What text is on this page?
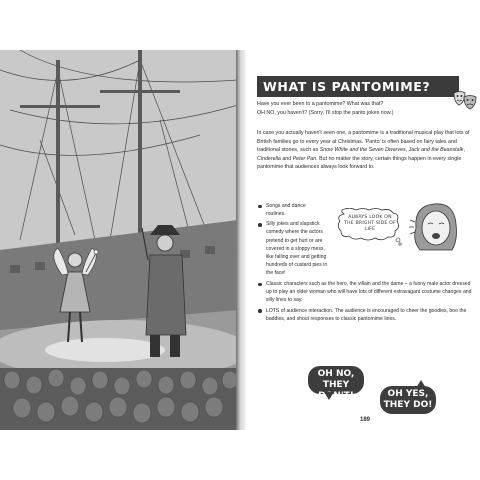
WHAT IS PANTOMIME?
Have you ever been to a pantomime? What was that?
OH NO, you haven't? (Sorry, I'll stop the panto jokes now.)

In case you actually haven't seen one, a pantomime is a traditional musical play that lots of British families go to every year at Christmas. 'Panto' is often based on fairy tales and traditional stories, such as Snow White and the Seven Dwarves, Jack and the Beanstalk, Cinderella and Peter Pan. But no matter the story, certain things happen in every single pantomime that audiences always look forward to.

Songs and dance routines.

Silly jokes and slapstick comedy where the actors pretend to get hurt or are covered in a sloppy mess, like falling over and getting hundreds of custard pies in the face!

Classic characters such as the hero, the villain and the dame – a funny male actor dressed up to play an older woman who will have lots of different extravagant costume changes and silly lines to say.

LOTS of audience interaction. The audience is encouraged to cheer the goodies, boo the baddies, and shout responses to classic pantomime lines.

ALWAYS LOOK ON THE BRIGHT SIDE OF LIFE
OH NO, THEY DON'T!	OH YES, THEY DO!
189
